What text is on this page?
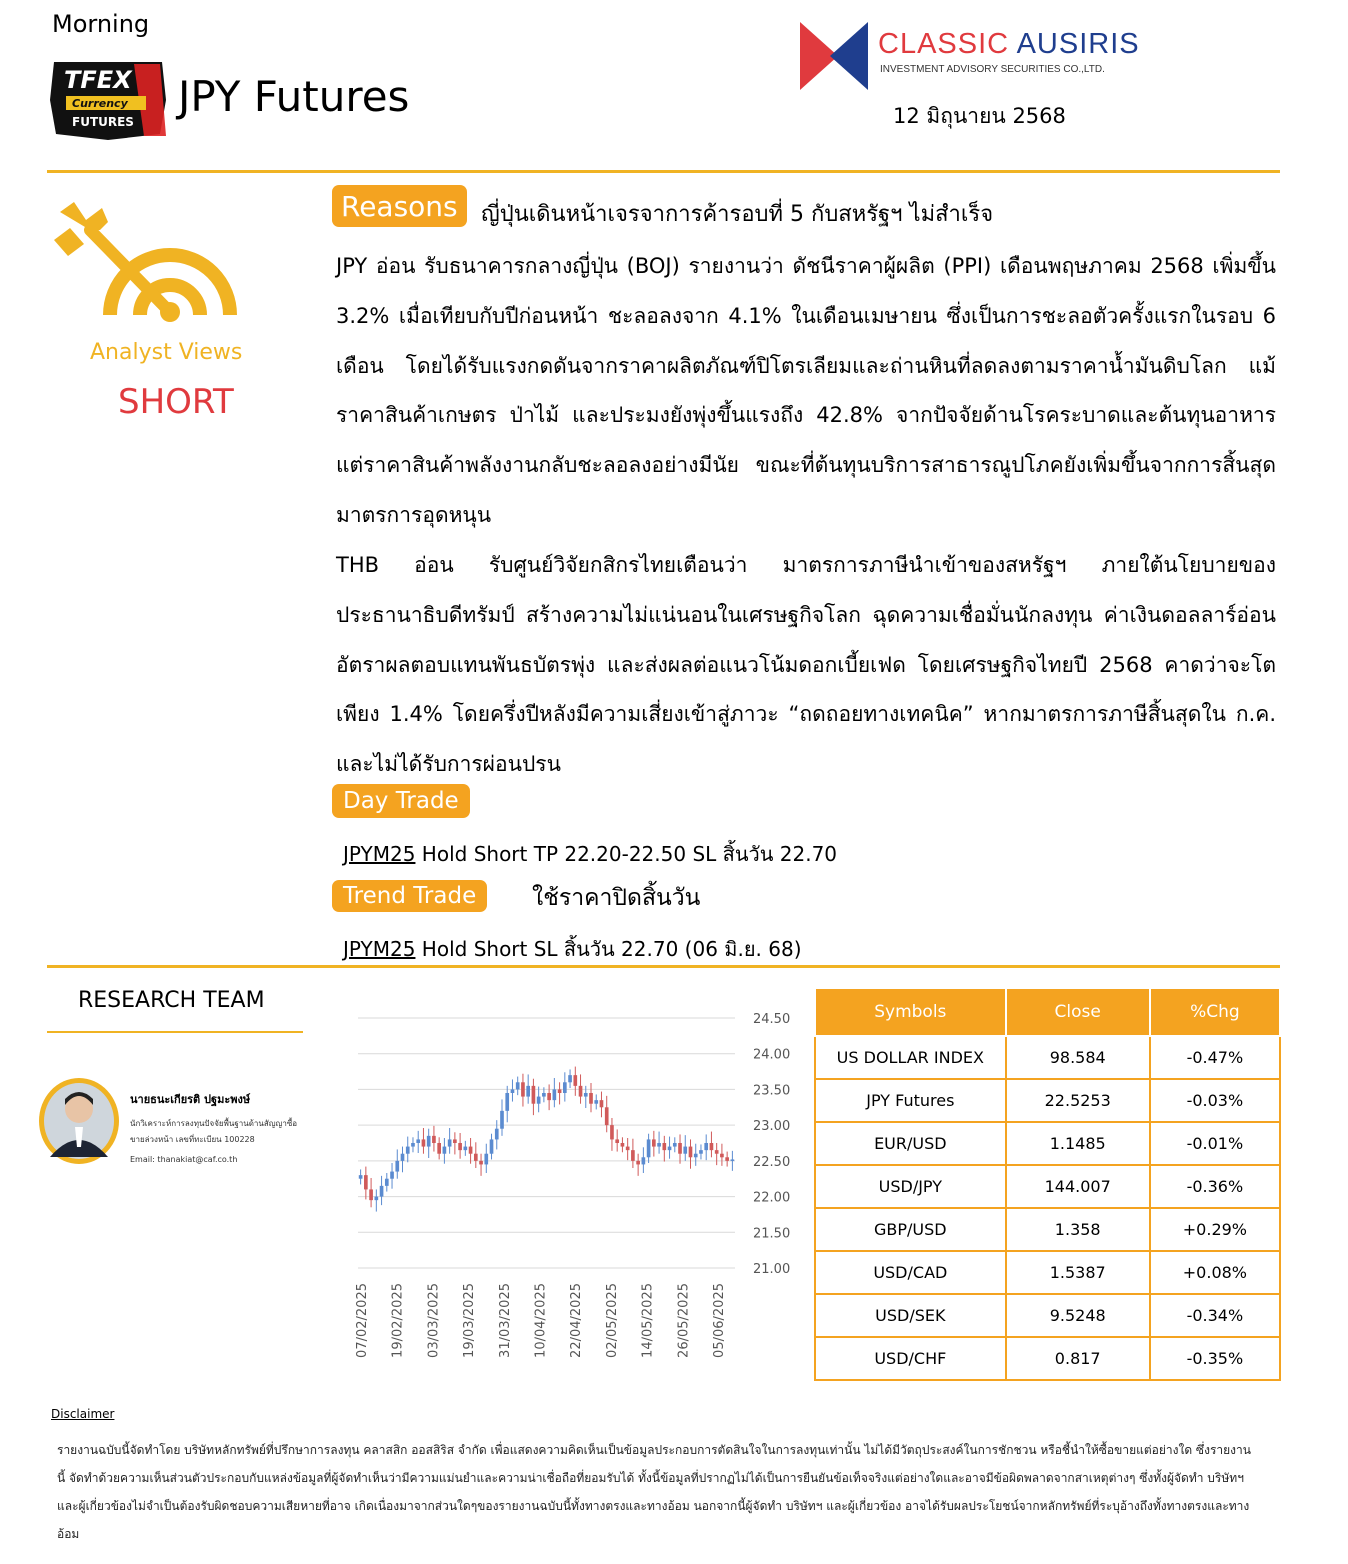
Morning
TFEX
Currency
FUTURES
JPY Futures
CLASSIC AUSIRIS
INVESTMENT ADVISORY SECURITIES CO.,LTD.
12 มิถุนายน 2568
Analyst Views
SHORT
Reasons	ญี่ปุ่นเดินหน้าเจรจาการค้ารอบที่ 5 กับสหรัฐฯ ไม่สำเร็จ
JPY อ่อน รับธนาคารกลางญี่ปุ่น (BOJ) รายงานว่า ดัชนีราคาผู้ผลิต (PPI) เดือนพฤษภาคม 2568 เพิ่มขึ้น 3.2% เมื่อเทียบกับปีก่อนหน้า ชะลอลงจาก 4.1% ในเดือนเมษายน ซึ่งเป็นการชะลอตัวครั้งแรกในรอบ 6 เดือน โดยได้รับแรงกดดันจากราคาผลิตภัณฑ์ปิโตรเลียมและถ่านหินที่ลดลงตามราคาน้ำมันดิบโลก แม้ราคาสินค้าเกษตร ป่าไม้ และประมงยังพุ่งขึ้นแรงถึง 42.8% จากปัจจัยด้านโรคระบาดและต้นทุนอาหาร แต่ราคาสินค้าพลังงานกลับชะลอลงอย่างมีนัย ขณะที่ต้นทุนบริการสาธารณูปโภคยังเพิ่มขึ้นจากการสิ้นสุดมาตรการอุดหนุน
THB อ่อน รับศูนย์วิจัยกสิกรไทยเตือนว่า มาตรการภาษีนำเข้าของสหรัฐฯ ภายใต้นโยบายของประธานาธิบดีทรัมป์ สร้างความไม่แน่นอนในเศรษฐกิจโลก ฉุดความเชื่อมั่นนักลงทุน ค่าเงินดอลลาร์อ่อน อัตราผลตอบแทนพันธบัตรพุ่ง และส่งผลต่อแนวโน้มดอกเบี้ยเฟด โดยเศรษฐกิจไทยปี 2568 คาดว่าจะโตเพียง 1.4% โดยครึ่งปีหลังมีความเสี่ยงเข้าสู่ภาวะ “ถดถอยทางเทคนิค” หากมาตรการภาษีสิ้นสุดใน ก.ค. และไม่ได้รับการผ่อนปรน
Day Trade
JPYM25 Hold Short TP 22.20-22.50 SL สิ้นวัน 22.70
Trend Trade	ใช้ราคาปิดสิ้นวัน
JPYM25 Hold Short SL สิ้นวัน 22.70 (06 มิ.ย. 68)
RESEARCH TEAM
นายธนะเกียรติ ปฐมะพงษ์
นักวิเคราะห์การลงทุนปัจจัยพื้นฐานด้านสัญญาซื้อ
ขายล่วงหน้า เลขที่ทะเบียน 100228
Email: thanakiat@caf.co.th
24.50
24.00
23.50
23.00
22.50
22.00
21.50
21.00
07/02/2025 19/02/2025 03/03/2025 19/03/2025 31/03/2025 10/04/2025 22/04/2025 02/05/2025 14/05/2025 26/05/2025 05/06/2025
Symbols	Close	%Chg
US DOLLAR INDEX	98.584	-0.47%
JPY Futures	22.5253	-0.03%
EUR/USD	1.1485	-0.01%
USD/JPY	144.007	-0.36%
GBP/USD	1.358	+0.29%
USD/CAD	1.5387	+0.08%
USD/SEK	9.5248	-0.34%
USD/CHF	0.817	-0.35%
Disclaimer
รายงานฉบับนี้จัดทำโดย บริษัทหลักทรัพย์ที่ปรึกษาการลงทุน คลาสสิก ออสสิริส จำกัด เพื่อแสดงความคิดเห็นเป็นข้อมูลประกอบการตัดสินใจในการลงทุนเท่านั้น ไม่ได้มีวัตถุประสงค์ในการชักชวน หรือชี้นำให้ซื้อขายแต่อย่างใด ซึ่งรายงานนี้ จัดทำด้วยความเห็นส่วนตัวประกอบกับแหล่งข้อมูลที่ผู้จัดทำเห็นว่ามีความแม่นยำและความน่าเชื่อถือที่ยอมรับได้ ทั้งนี้ข้อมูลที่ปรากฏไม่ได้เป็นการยืนยันข้อเท็จจริงแต่อย่างใดและอาจมีข้อผิดพลาดจากสาเหตุต่างๆ ซึ่งทั้งผู้จัดทำ บริษัทฯ และผู้เกี่ยวข้องไม่จำเป็นต้องรับผิดชอบความเสียหายที่อาจ เกิดเนื่องมาจากส่วนใดๆของรายงานฉบับนี้ทั้งทางตรงและทางอ้อม นอกจากนี้ผู้จัดทำ บริษัทฯ และผู้เกี่ยวข้อง อาจได้รับผลประโยชน์จากหลักทรัพย์ที่ระบุอ้างถึงทั้งทางตรงและทางอ้อม
